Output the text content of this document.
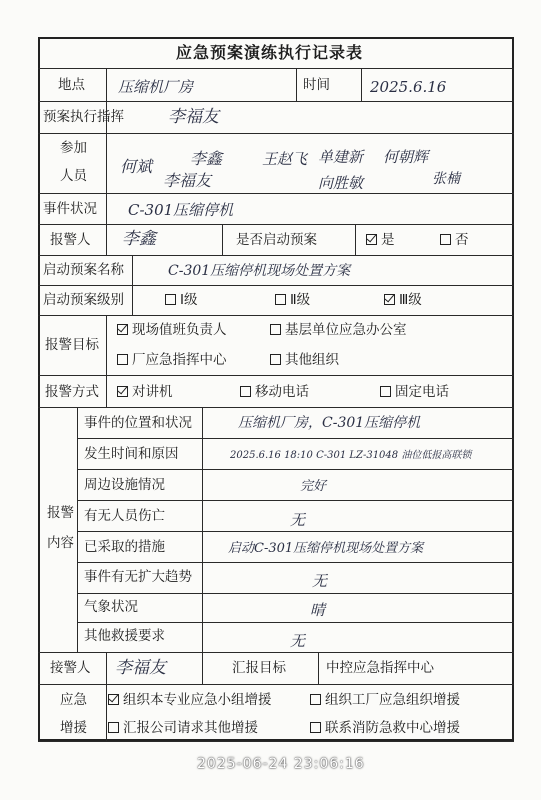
应急预案演练执行记录表
地点 压缩机厂房	时间	2025.6.16
预案执行指挥	李福友
参加
人员 何斌 李鑫	王赵飞 单建新 何朝辉
李福友	向胜敏	张楠
事件状况 C-301压缩停机
报警人 李鑫	是否启动预案	是	否
启动预案名称	C-301压缩停机现场处置方案
启动预案级别	Ⅰ级	Ⅱ级	Ⅲ级
报警目标
现场值班负责人	基层单位应急办公室
厂应急指挥中心	其他组织
报警方式	对讲机	移动电话	固定电话
报警
内容
事件的位置和状况	压缩机厂房，C-301压缩停机
发生时间和原因	2025.6.16 18:10 C-301 LZ-31048 油位低报高联锁
周边设施情况	完好
有无人员伤亡	无
已采取的措施	启动C-301压缩停机现场处置方案
事件有无扩大趋势	无
气象状况	晴
其他救援要求	无
接警人 李福友	汇报目标	中控应急指挥中心
应急
增援
组织本专业应急小组增援	组织工厂应急组织增援
汇报公司请求其他增援	联系消防急救中心增援
2025-06-24 23:06:16
